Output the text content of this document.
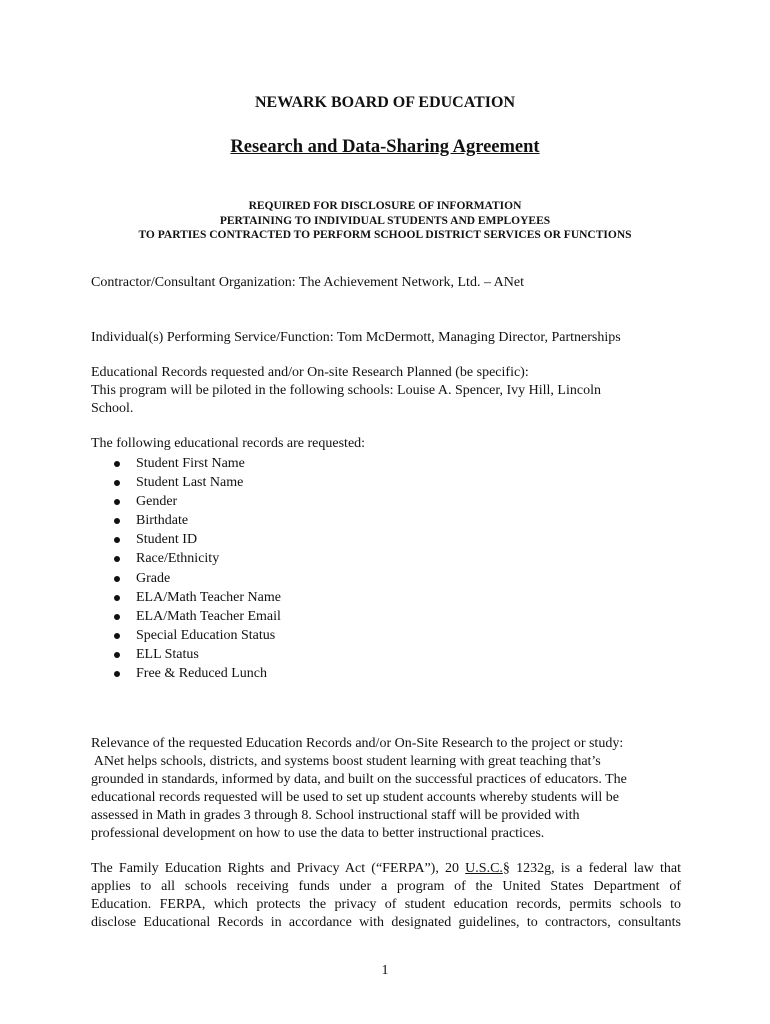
NEWARK BOARD OF EDUCATION
Research and Data-Sharing Agreement
REQUIRED FOR DISCLOSURE OF INFORMATION
PERTAINING TO INDIVIDUAL STUDENTS AND EMPLOYEES
TO PARTIES CONTRACTED TO PERFORM SCHOOL DISTRICT SERVICES OR FUNCTIONS
Contractor/Consultant Organization: The Achievement Network, Ltd. – ANet
Individual(s) Performing Service/Function: Tom McDermott, Managing Director, Partnerships
Educational Records requested and/or On-site Research Planned (be specific):
This program will be piloted in the following schools: Louise A. Spencer, Ivy Hill, Lincoln
School.
The following educational records are requested:
Student First Name
Student Last Name
Gender
Birthdate
Student ID
Race/Ethnicity
Grade
ELA/Math Teacher Name
ELA/Math Teacher Email
Special Education Status
ELL Status
Free & Reduced Lunch
Relevance of the requested Education Records and/or On-Site Research to the project or study:
ANet helps schools, districts, and systems boost student learning with great teaching that’s
grounded in standards, informed by data, and built on the successful practices of educators. The
educational records requested will be used to set up student accounts whereby students will be
assessed in Math in grades 3 through 8. School instructional staff will be provided with
professional development on how to use the data to better instructional practices.
The Family Education Rights and Privacy Act (“FERPA”), 20 U.S.C.§ 1232g, is a federal law that
applies to all schools receiving funds under a program of the United States Department of
Education. FERPA, which protects the privacy of student education records, permits schools to
disclose Educational Records in accordance with designated guidelines, to contractors, consultants
1
